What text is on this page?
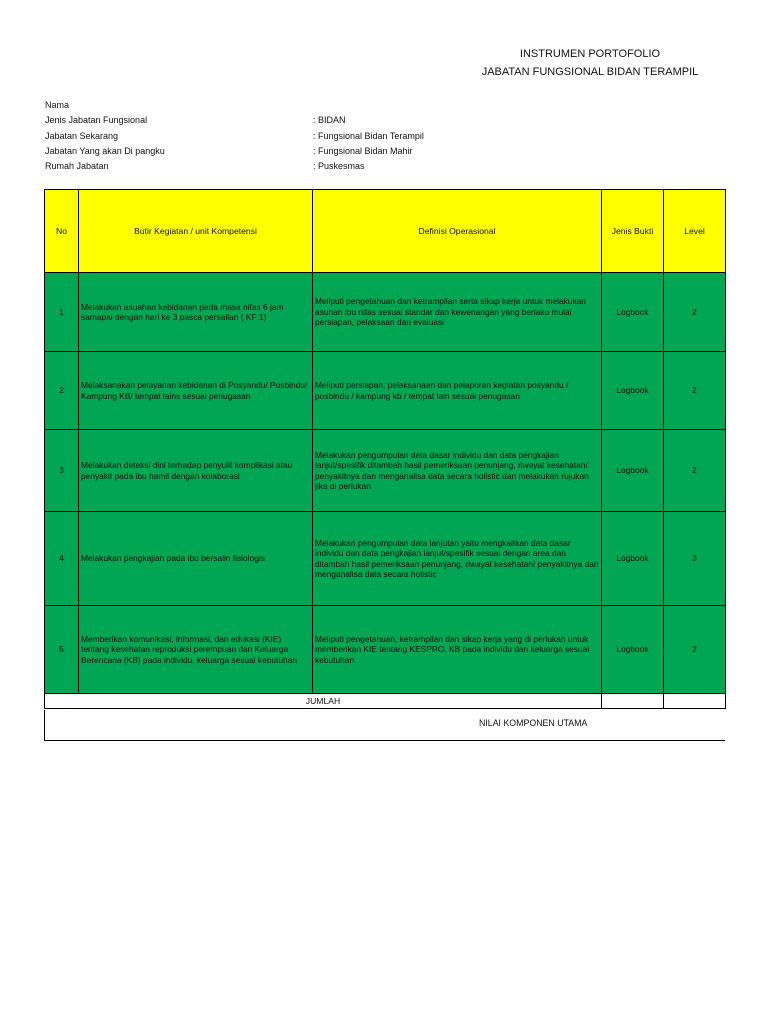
INSTRUMEN PORTOFOLIO
JABATAN FUNGSIONAL BIDAN TERAMPIL
Nama
Jenis Jabatan Fungsional	: BIDAN
Jabatan Sekarang	: Fungsional Bidan Terampil
Jabatan Yang akan Di pangku	: Fungsional Bidan Mahir
Rumah Jabatan	: Puskesmas
No	Butir Kegiatan / unit Kompetensi	Definisi Operasional	Jenis Bukti	Level
1	Melakukan asuahan kebidanan pada masa nifas 6 jam samapai dengan hari ke 3 pasca persalian ( KF 1)	Meliputi pengetahuan dan ketrampilan serta sikap kerja untuk melakukan asuhan ibu nifas sesuai standar dan kewenangan yang berlaku mulai persiapan, pelaksaan dan evaluasi	Logbook	2
2	Melaksanakan pelayanan kebidanan di Posyandu/ Posbindu/ Kampung KB/ tempat lains sesuai penugasan	Meliputi persiapan, pelaksanaan dan pelaporan kegiatan posyandu / posbindu / kampung kb / tempat lain sesuai penugasan	Logbook	2
3	Melakukan deteksi dini terhadap penyulit komplikasi atau penyakit pada ibu hamil dengan kolaborasi	Melakukan pengumpulan data dasar individu dan data pengkajian lanjut/spesifik ditambah hasil pemeriksaan penunjang, riwayat kesehatan/ penyakitnya dan menganalisa data secara holistic dan melakukan rujukan jika di perlukan	Logbook	2
4	Melakukan pengkajian pada ibu bersalin fisiologis	Melakukan pengumpulan data lanjutan yaitu mengkaitkan data dasar individu dan data pengkajian lanjut/spesifik sesuai dengan area dan ditambah hasil pemeriksaan penunjang, riwayat kesehatan/ penyakitnya dan menganalisa data secara holistic	Logbook	3
5	Memberikan komunikasi, informasi, dan edukasi (KIE) tentang kesehatan reproduksi perempuan dan Keluarga Berencana (KB) pada individu, keluarga sesuai kebutuhan	Meliputi pengetahuan, ketrampilan dan sikap kerja yang di perlukan untuk memberikan KIE tentang KESPRO, KB pada individu dan keluarga sesuai kebutuhan	Logbook	2
JUMLAH				
NILAI KOMPONEN UTAMA
